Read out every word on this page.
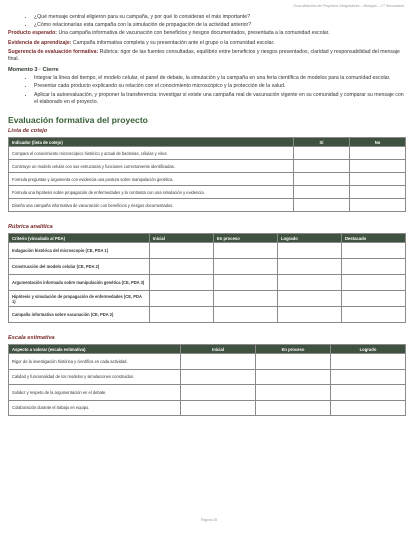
Guía didáctica de Proyectos Integradores – Biología – 2.º Secundaria
• ¿Qué mensaje central eligieron para su campaña, y por qué lo consideran el más importante?
• ¿Cómo relacionarías esta campaña con la simulación de propagación de la actividad anterior?

Producto esperado: Una campaña informativa de vacunación con beneficios y riesgos documentados, presentada a la comunidad escolar.

Evidencia de aprendizaje: Campaña informativa completa y su presentación ante el grupo o la comunidad escolar.

Sugerencia de evaluación formativa: Rúbrica: rigor de las fuentes consultadas, equilibrio entre beneficios y riesgos presentados, claridad y responsabilidad del mensaje final.

Momento 3 · Cierre
• Integrar la línea del tiempo, el modelo celular, el panel de debate, la simulación y la campaña en una feria científica de modelos para la comunidad escolar.
• Presentar cada producto explicando su relación con el conocimiento microscópico y la protección de la salud.
• Aplicar la autoevaluación, y proponer la transferencia: investigar si existe una campaña real de vacunación vigente en su comunidad y comparar su mensaje con el elaborado en el proyecto.
Evaluación formativa del proyecto
Lista de cotejo
Indicador (lista de cotejo)	Sí	No
Compara el conocimiento microscópico histórico y actual de bacterias, células y virus.		
Construye un modelo celular con sus estructuras y funciones correctamente identificadas.		
Formula preguntas y argumenta con evidencia una postura sobre manipulación genética.		
Formula una hipótesis sobre propagación de enfermedades y la contrasta con una simulación y evidencia.		
Diseña una campaña informativa de vacunación con beneficios y riesgos documentados.		
Rúbrica analítica
Criterio (vinculado al PDA)	Inicial	En proceso	Logrado	Destacado
Indagación histórica del microscopio (CE, PDA 1)				
Construcción del modelo celular (CE, PDA 2)				
Argumentación informada sobre manipulación genética (CE, PDA 3)				
Hipótesis y simulación de propagación de enfermedades (CE, PDA 1)				
Campaña informativa sobre vacunación (CE, PDA 2)				
Escala estimativa
Aspecto a valorar (escala estimativa)	Inicial	En proceso	Logrado
Rigor de la investigación histórica y científica en cada actividad.			
Calidad y funcionalidad de los modelos y simulaciones construidos.			
Solidez y respeto de la argumentación en el debate.			
Colaboración durante el trabajo en equipo.			
Página 35
